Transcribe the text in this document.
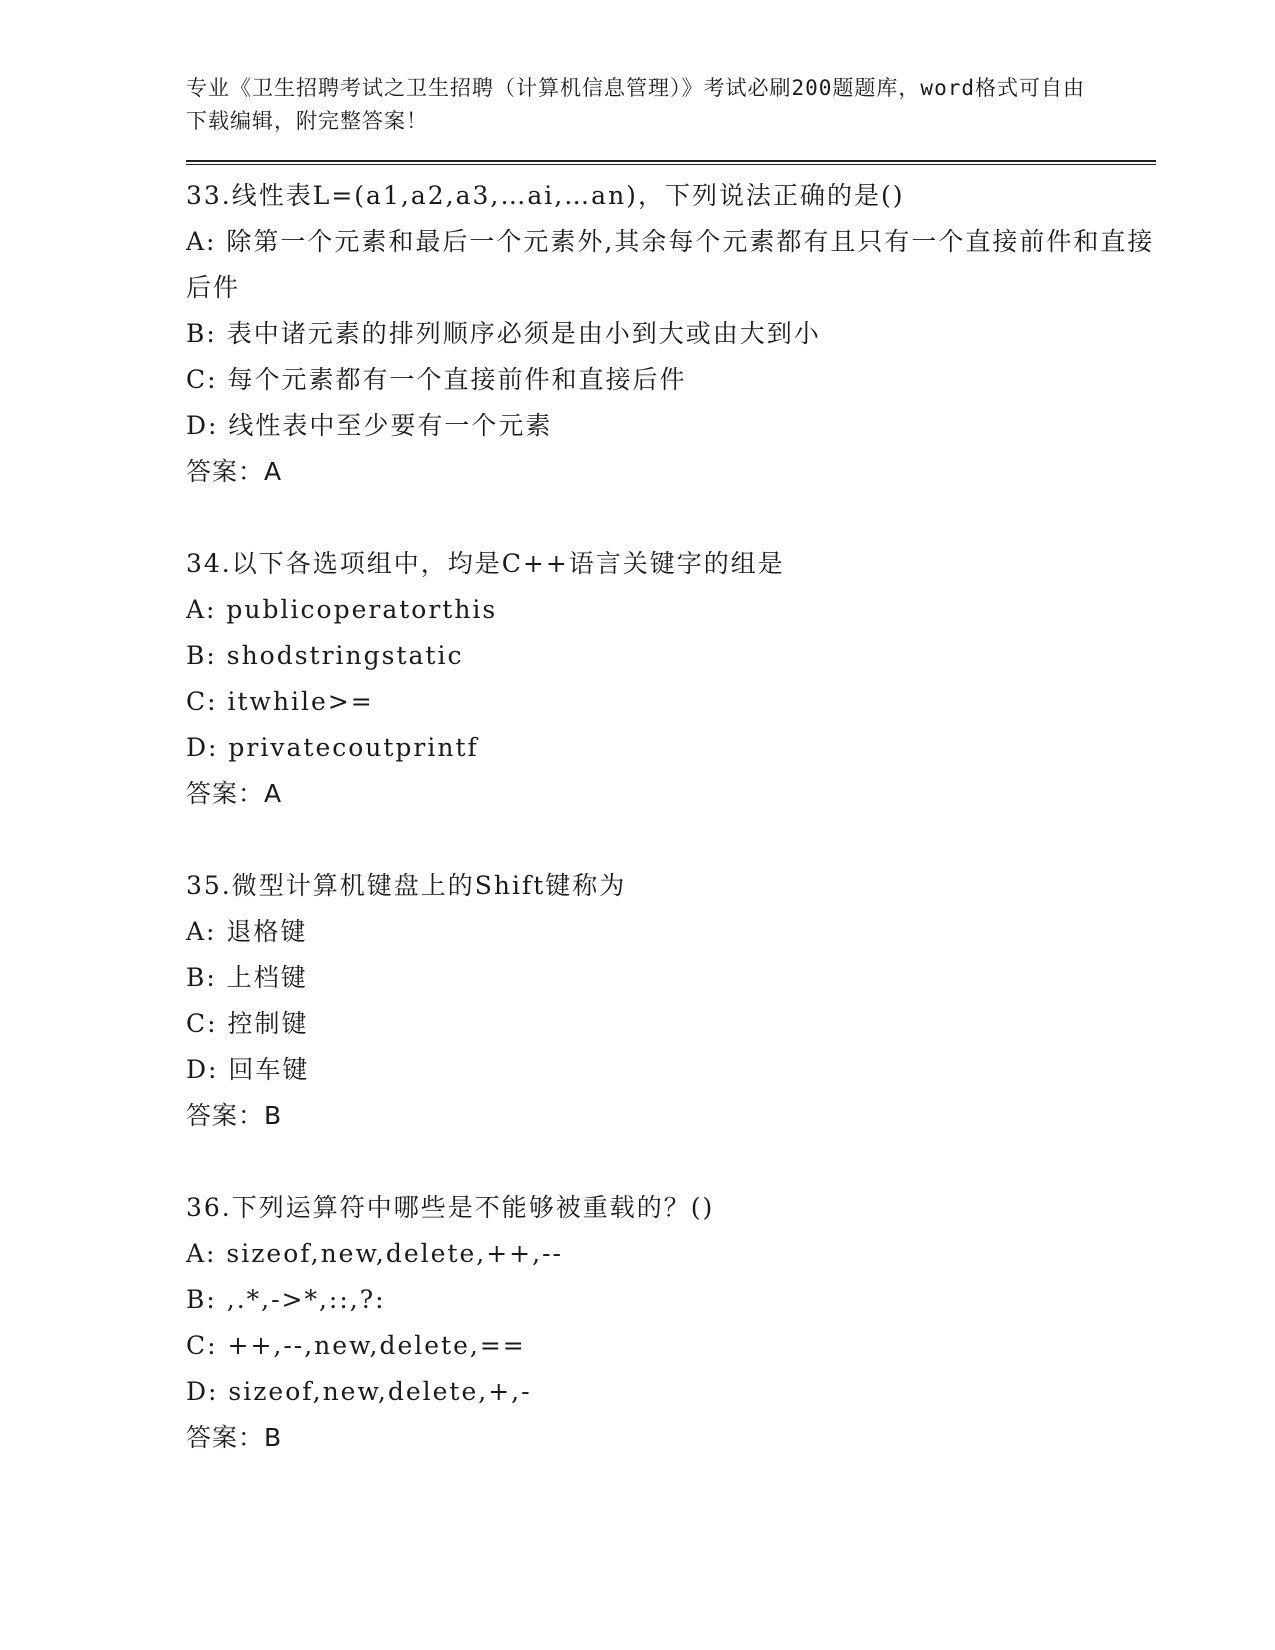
专业《卫生招聘考试之卫生招聘（计算机信息管理）》考试必刷200题题库，word格式可自由下载编辑，附完整答案！

33.线性表L=(a1,a2,a3,…ai,…an)，下列说法正确的是()

A: 除第一个元素和最后一个元素外,其余每个元素都有且只有一个直接前件和直接后件

B: 表中诸元素的排列顺序必须是由小到大或由大到小

C: 每个元素都有一个直接前件和直接后件

D: 线性表中至少要有一个元素

答案：A

34.以下各选项组中，均是C++语言关键字的组是

A: publicoperatorthis

B: shodstringstatic

C: itwhile>=

D: privatecoutprintf

答案：A

35.微型计算机键盘上的Shift键称为

A: 退格键

B: 上档键

C: 控制键

D: 回车键

答案：B

36.下列运算符中哪些是不能够被重载的？()

A: sizeof,new,delete,++,--

B: ,.*,->*,::,?:

C: ++,--,new,delete,==

D: sizeof,new,delete,+,-

答案：B
